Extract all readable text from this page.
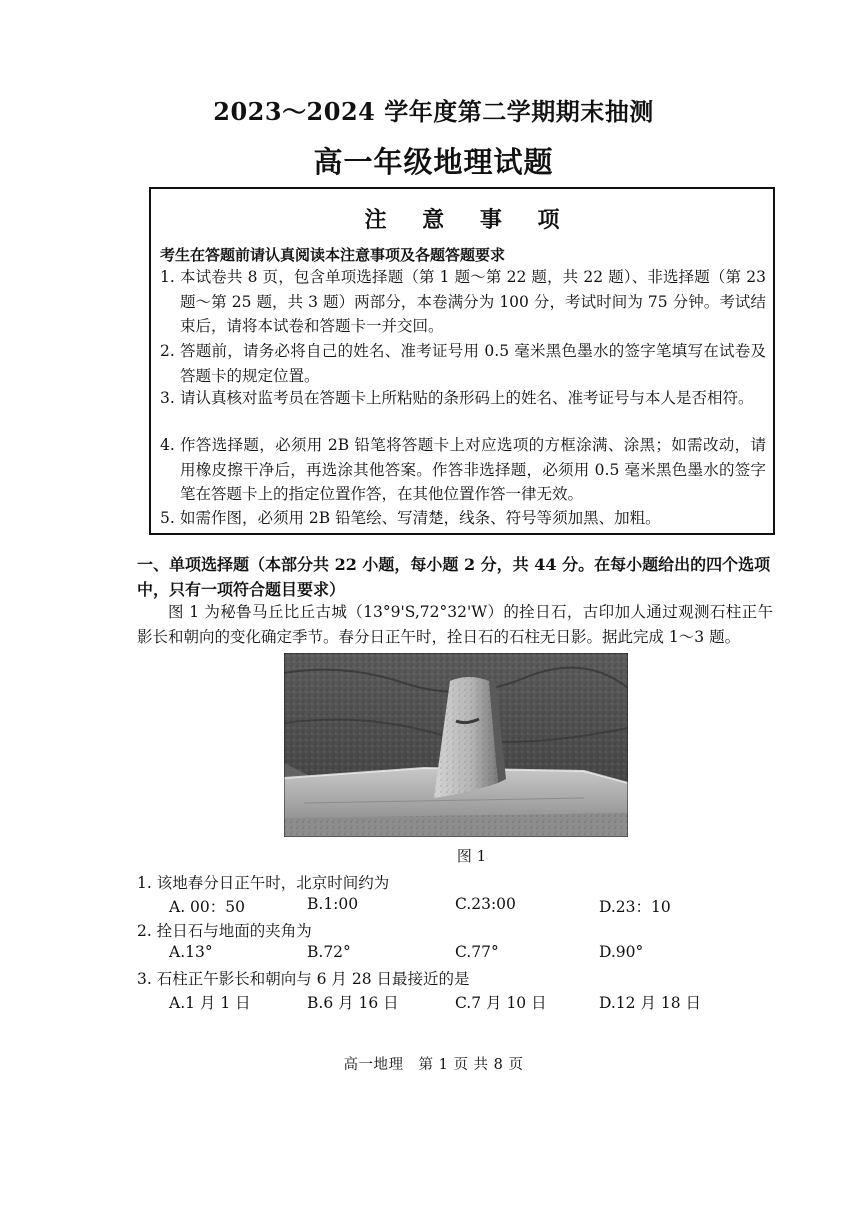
2023～2024 学年度第二学期期末抽测
高一年级地理试题
注 意 事 项
考生在答题前请认真阅读本注意事项及各题答题要求
1. 本试卷共 8 页，包含单项选择题（第 1 题～第 22 题，共 22 题）、非选择题（第 23 题～第 25 题，共 3 题）两部分，本卷满分为 100 分，考试时间为 75 分钟。考试结束后，请将本试卷和答题卡一并交回。
2. 答题前，请务必将自己的姓名、准考证号用 0.5 毫米黑色墨水的签字笔填写在试卷及答题卡的规定位置。
3. 请认真核对监考员在答题卡上所粘贴的条形码上的姓名、准考证号与本人是否相符。
4. 作答选择题，必须用 2B 铅笔将答题卡上对应选项的方框涂满、涂黑；如需改动，请用橡皮擦干净后，再选涂其他答案。作答非选择题，必须用 0.5 毫米黑色墨水的签字笔在答题卡上的指定位置作答，在其他位置作答一律无效。
5. 如需作图，必须用 2B 铅笔绘、写清楚，线条、符号等须加黑、加粗。
一、单项选择题（本部分共 22 小题，每小题 2 分，共 44 分。在每小题给出的四个选项中，只有一项符合题目要求）
图 1 为秘鲁马丘比丘古城（13°9'S,72°32'W）的拴日石，古印加人通过观测石柱正午影长和朝向的变化确定季节。春分日正午时，拴日石的石柱无日影。据此完成 1～3 题。
图 1
1. 该地春分日正午时，北京时间约为
A. 00：50	B.1:00	C.23:00	D.23：10
2. 拴日石与地面的夹角为
A.13°	B.72°	C.77°	D.90°
3. 石柱正午影长和朝向与 6 月 28 日最接近的是
A.1 月 1 日	B.6 月 16 日	C.7 月 10 日	D.12 月 18 日
高一地理　第 1 页 共 8 页
